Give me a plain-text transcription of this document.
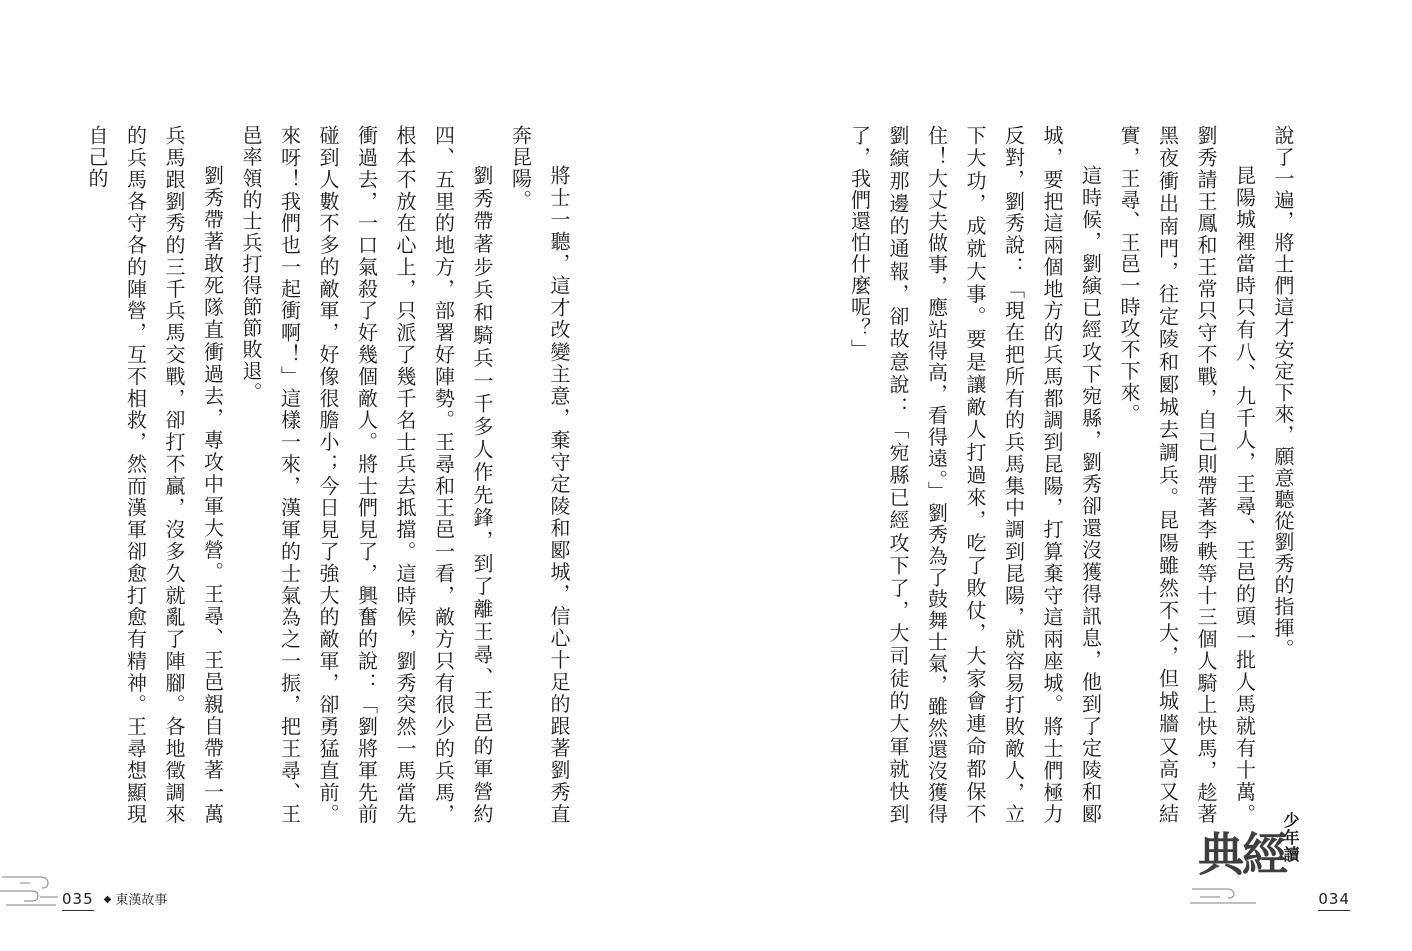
將士一聽，這才改變主意，棄守定陵和郾城，信心十足的跟著劉秀直奔昆陽。

劉秀帶著步兵和騎兵一千多人作先鋒，到了離王尋、王邑的軍營約四、五里的地方，部署好陣勢。王尋和王邑一看，敵方只有很少的兵馬，根本不放在心上，只派了幾千名士兵去抵擋。這時候，劉秀突然一馬當先衝過去，一口氣殺了好幾個敵人。將士們見了，興奮的說：「劉將軍先前碰到人數不多的敵軍，好像很膽小；今日見了強大的敵軍，卻勇猛直前。來呀！我們也一起衝啊！」這樣一來，漢軍的士氣為之一振，把王尋、王邑率領的士兵打得節節敗退。

劉秀帶著敢死隊直衝過去，專攻中軍大營。王尋、王邑親自帶著一萬兵馬跟劉秀的三千兵馬交戰，卻打不贏，沒多久就亂了陣腳。各地徵調來的兵馬各守各的陣營，互不相救，然而漢軍卻愈打愈有精神。王尋想顯現自己的

035 ◆ 東漢故事

說了一遍，將士們這才安定下來，願意聽從劉秀的指揮。

昆陽城裡當時只有八、九千人，王尋、王邑的頭一批人馬就有十萬。劉秀請王鳳和王常只守不戰，自己則帶著李軼等十三個人騎上快馬，趁著黑夜衝出南門，往定陵和郾城去調兵。昆陽雖然不大，但城牆又高又結實，王尋、王邑一時攻不下來。

這時候，劉縯已經攻下宛縣，劉秀卻還沒獲得訊息，他到了定陵和郾城，要把這兩個地方的兵馬都調到昆陽，打算棄守這兩座城。將士們極力反對，劉秀說：「現在把所有的兵馬集中調到昆陽，就容易打敗敵人，立下大功，成就大事。要是讓敵人打過來，吃了敗仗，大家會連命都保不住！大丈夫做事，應站得高，看得遠。」劉秀為了鼓舞士氣，雖然還沒獲得劉縯那邊的通報，卻故意說：「宛縣已經攻下了，大司徒的大軍就快到了，我們還怕什麼呢？」

少年讀
經典
034
